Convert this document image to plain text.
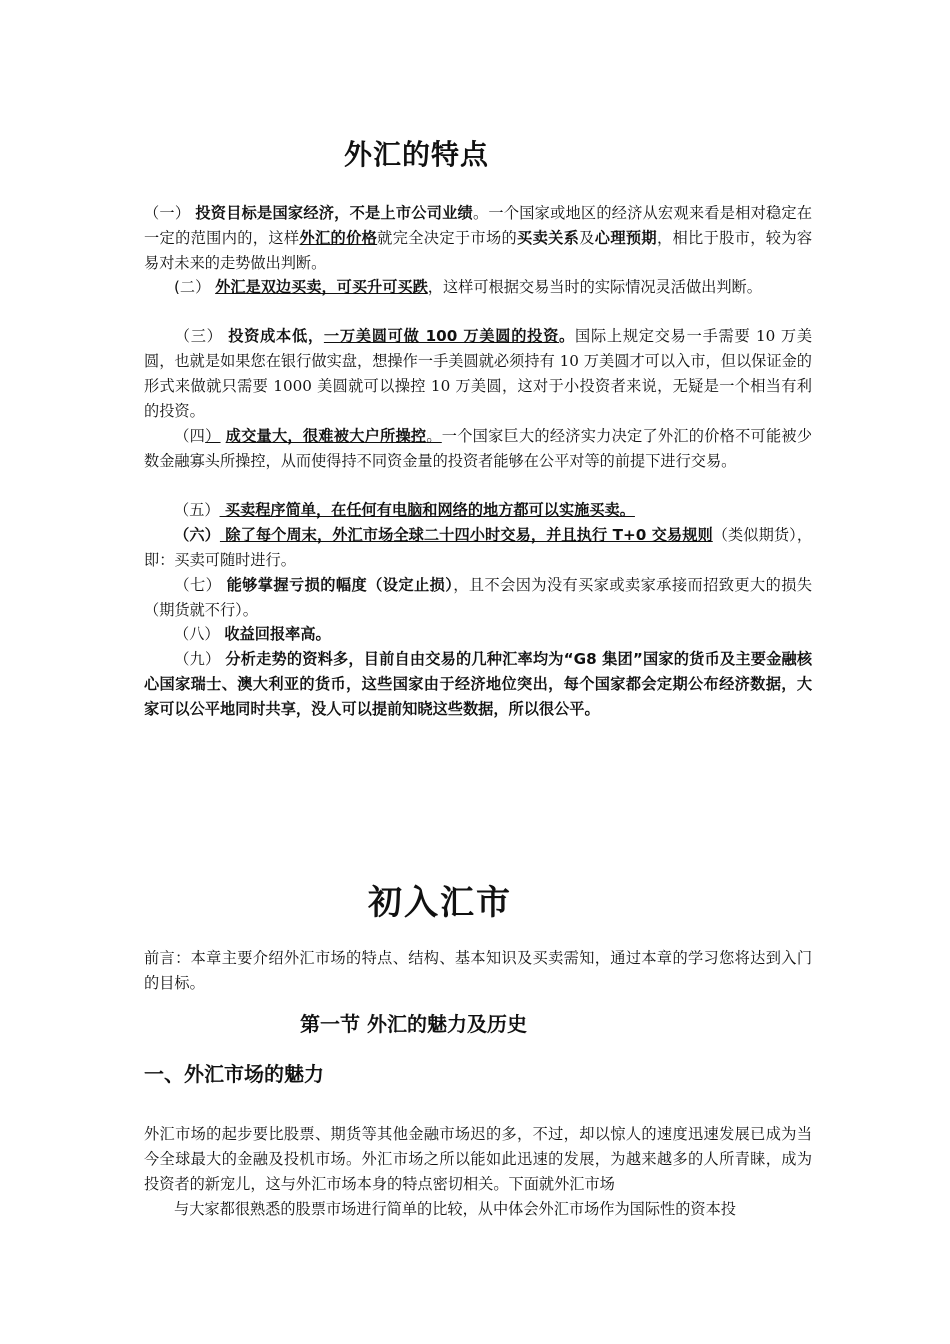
外汇的特点
（一） 投资目标是国家经济，不是上市公司业绩。一个国家或地区的经济从宏观来看是相对稳定在一定的范围内的，这样外汇的价格就完全决定于市场的买卖关系及心理预期，相比于股市，较为容易对未来的走势做出判断。
(二） 外汇是双边买卖，可买升可买跌，这样可根据交易当时的实际情况灵活做出判断。
（三） 投资成本低，一万美圆可做 100 万美圆的投资。国际上规定交易一手需要 10 万美圆，也就是如果您在银行做实盘，想操作一手美圆就必须持有 10 万美圆才可以入市，但以保证金的形式来做就只需要 1000 美圆就可以操控 10 万美圆，这对于小投资者来说，无疑是一个相当有利的投资。
（四） 成交量大，很难被大户所操控。一个国家巨大的经济实力决定了外汇的价格不可能被少数金融寡头所操控，从而使得持不同资金量的投资者能够在公平对等的前提下进行交易。
（五） 买卖程序简单，在任何有电脑和网络的地方都可以实施买卖。
（六） 除了每个周末，外汇市场全球二十四小时交易，并且执行 T+0 交易规则（类似期货），即：买卖可随时进行。
（七） 能够掌握亏损的幅度（设定止损），且不会因为没有买家或卖家承接而招致更大的损失（期货就不行）。
（八） 收益回报率高。
（九） 分析走势的资料多，目前自由交易的几种汇率均为“G8 集团”国家的货币及主要金融核心国家瑞士、澳大利亚的货币，这些国家由于经济地位突出，每个国家都会定期公布经济数据，大家可以公平地同时共享，没人可以提前知晓这些数据，所以很公平。
初入汇市
前言：本章主要介绍外汇市场的特点、结构、基本知识及买卖需知，通过本章的学习您将达到入门的目标。
第一节 外汇的魅力及历史
一、外汇市场的魅力
外汇市场的起步要比股票、期货等其他金融市场迟的多，不过，却以惊人的速度迅速发展已成为当今全球最大的金融及投机市场。外汇市场之所以能如此迅速的发展，为越来越多的人所青睐，成为投资者的新宠儿，这与外汇市场本身的特点密切相关。下面就外汇市场
与大家都很熟悉的股票市场进行简单的比较，从中体会外汇市场作为国际性的资本投
